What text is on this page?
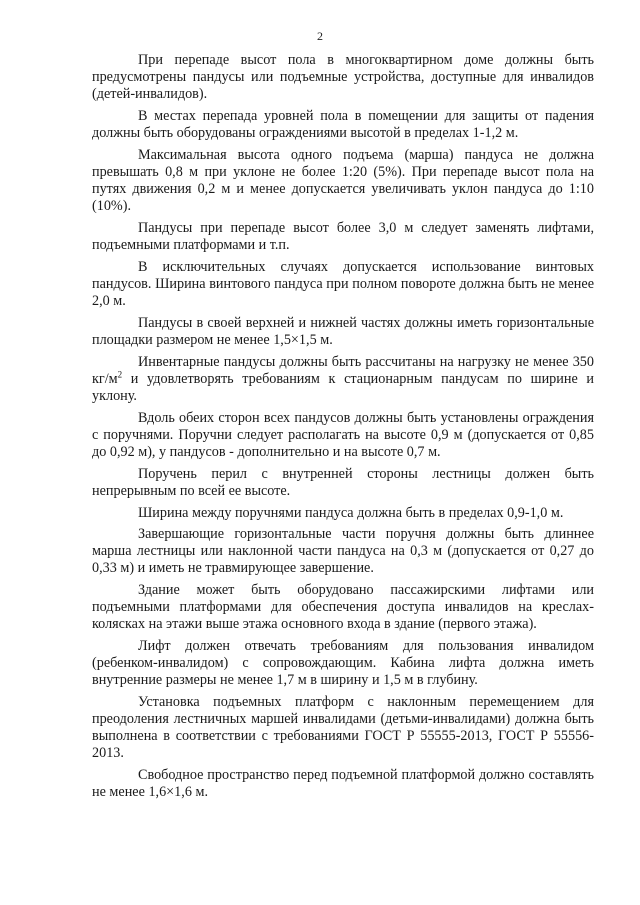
2

При перепаде высот пола в многоквартирном доме должны быть предусмотрены пандусы или подъемные устройства, доступные для инвалидов (детей-инвалидов).

В местах перепада уровней пола в помещении для защиты от падения должны быть оборудованы ограждениями высотой в пределах 1-1,2 м.

Максимальная высота одного подъема (марша) пандуса не должна превышать 0,8 м при уклоне не более 1:20 (5%). При перепаде высот пола на путях движения 0,2 м и менее допускается увеличивать уклон пандуса до 1:10 (10%).

Пандусы при перепаде высот более 3,0 м следует заменять лифтами, подъемными платформами и т.п.

В исключительных случаях допускается использование винтовых пандусов. Ширина винтового пандуса при полном повороте должна быть не менее 2,0 м.

Пандусы в своей верхней и нижней частях должны иметь горизонтальные площадки размером не менее 1,5×1,5 м.

Инвентарные пандусы должны быть рассчитаны на нагрузку не менее 350 $кг/м^2$ и удовлетворять требованиям к стационарным пандусам по ширине и уклону.

Вдоль обеих сторон всех пандусов должны быть установлены ограждения с поручнями. Поручни следует располагать на высоте 0,9 м (допускается от 0,85 до 0,92 м), у пандусов - дополнительно и на высоте 0,7 м.

Поручень перил с внутренней стороны лестницы должен быть непрерывным по всей ее высоте.

Ширина между поручнями пандуса должна быть в пределах 0,9-1,0 м.

Завершающие горизонтальные части поручня должны быть длиннее марша лестницы или наклонной части пандуса на 0,3 м (допускается от 0,27 до 0,33 м) и иметь не травмирующее завершение.

Здание может быть оборудовано пассажирскими лифтами или подъемными платформами для обеспечения доступа инвалидов на креслах-колясках на этажи выше этажа основного входа в здание (первого этажа).

Лифт должен отвечать требованиям для пользования инвалидом (ребенком-инвалидом) с сопровождающим. Кабина лифта должна иметь внутренние размеры не менее 1,7 м в ширину и 1,5 м в глубину.

Установка подъемных платформ с наклонным перемещением для преодоления лестничных маршей инвалидами (детьми-инвалидами) должна быть выполнена в соответствии с требованиями ГОСТ Р 55555-2013, ГОСТ Р 55556-2013.

Свободное пространство перед подъемной платформой должно составлять не менее 1,6×1,6 м.
